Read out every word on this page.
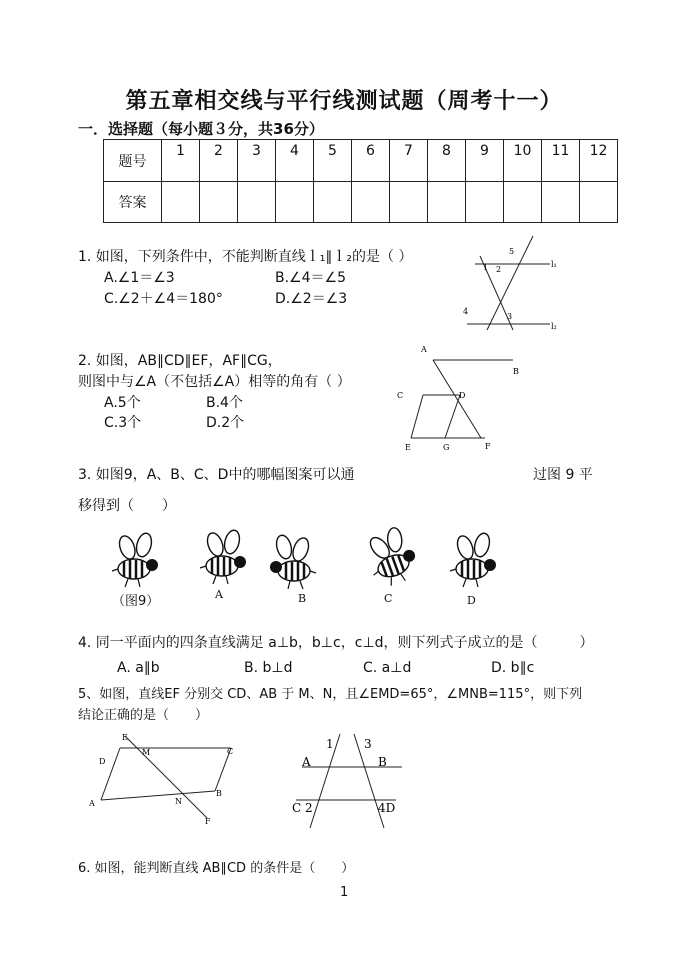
第五章相交线与平行线测试题（周考十一）
一．选择题（每小题３分，共36分）
题号	1	2	3	4	5	6	7	8	9	10	11	12
答案												
1. 如图，下列条件中，不能判断直线ｌ₁∥ｌ₂的是（ ）
A.∠1＝∠3	B.∠4＝∠5
C.∠2＋∠4＝180°	D.∠2＝∠3
1 2
3
4
5
l₁
l₂
2. 如图，AB∥CD∥EF，AF∥CG，
则图中与∠A（不包括∠A）相等的角有（ ）
A.5个	B.4个
C.3个	D.2个
A
B
C	D
E	G	F
3. 如图9，A、B、C、D中的哪幅图案可以通	过图 9 平
移得到（　　）
（图9）	A	B	C	D
4. 同一平面内的四条直线满足 a⊥b，b⊥c，c⊥d，则下列式子成立的是（　　　）
A. a∥b	B. b⊥d	C. a⊥d	D. b∥c
5、如图，直线EF 分别交 CD、AB 于 M、N，且∠EMD=65°，∠MNB=115°，则下列
结论正确的是（　　）
E
M	C
D
A	N
B
F
1	3
A	B
C 2	4D
6. 如图，能判断直线 AB∥CD 的条件是（　　）
1
